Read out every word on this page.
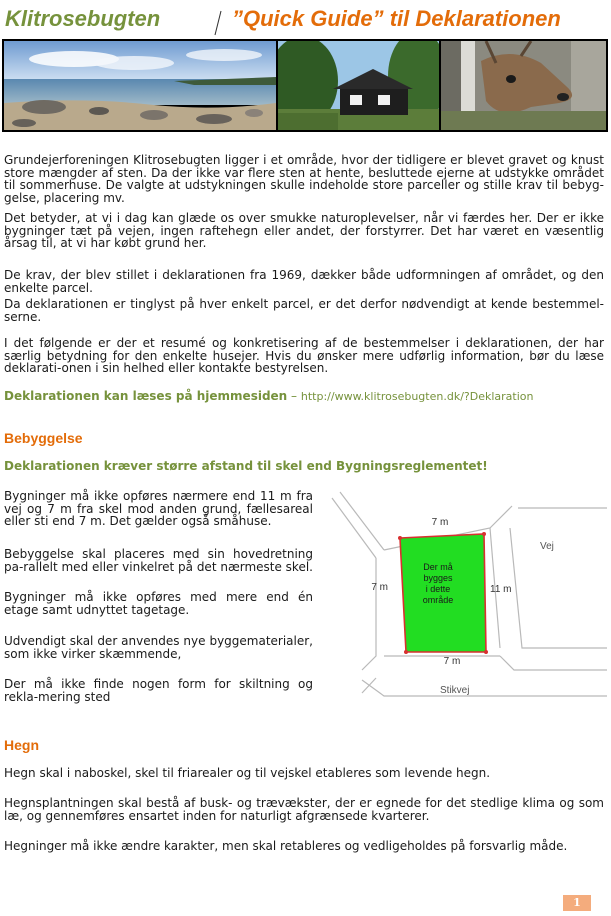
Klitrosebugten	”Quick Guide” til Deklarationen

Grundejerforeningen Klitrosebugten ligger i et område, hvor der tidligere er blevet gravet og knust store mængder af sten. Da der ikke var flere sten at hente, besluttede ejerne at udstykke området til sommerhuse. De valgte at udstykningen skulle indeholde store parceller og stille krav til bebyg-gelse, placering mv.

Det betyder, at vi i dag kan glæde os over smukke naturoplevelser, når vi færdes her. Der er ikke bygninger tæt på vejen, ingen raftehegn eller andet, der forstyrrer. Det har været en væsentlig årsag til, at vi har købt grund her.

De krav, der blev stillet i deklarationen fra 1969, dækker både udformningen af området, og den enkelte parcel.

Da deklarationen er tinglyst på hver enkelt parcel, er det derfor nødvendigt at kende bestemmel-serne.

I det følgende er der et resumé og konkretisering af de bestemmelser i deklarationen, der har særlig betydning for den enkelte husejer. Hvis du ønsker mere udførlig information, bør du læse deklarati-onen i sin helhed eller kontakte bestyrelsen.

Deklarationen kan læses på hjemmesiden – http://www.klitrosebugten.dk/?Deklaration
Bebyggelse

Deklarationen kræver større afstand til skel end Bygningsreglementet!

Bygninger må ikke opføres nærmere end 11 m fra vej og 7 m fra skel mod anden grund, fællesareal eller sti end 7 m. Det gælder også småhuse.

Bebyggelse skal placeres med sin hovedretning pa-rallelt med eller vinkelret på det nærmeste skel.

Bygninger må ikke opføres med mere end én etage samt udnyttet tagetage.

Udvendigt skal der anvendes nye byggematerialer, som ikke virker skæmmende,

Der må ikke finde nogen form for skiltning og rekla-mering sted

7 m
7 m	11 m
7 m
Vej
Stikvej
Der må
bygges
i dette
område
Hegn

Hegn skal i naboskel, skel til friarealer og til vejskel etableres som levende hegn.

Hegnsplantningen skal bestå af busk- og trævækster, der er egnede for det stedlige klima og som læ, og gennemføres ensartet inden for naturligt afgrænsede kvarterer.

Hegninger må ikke ændre karakter, men skal retableres og vedligeholdes på forsvarlig måde.

1
